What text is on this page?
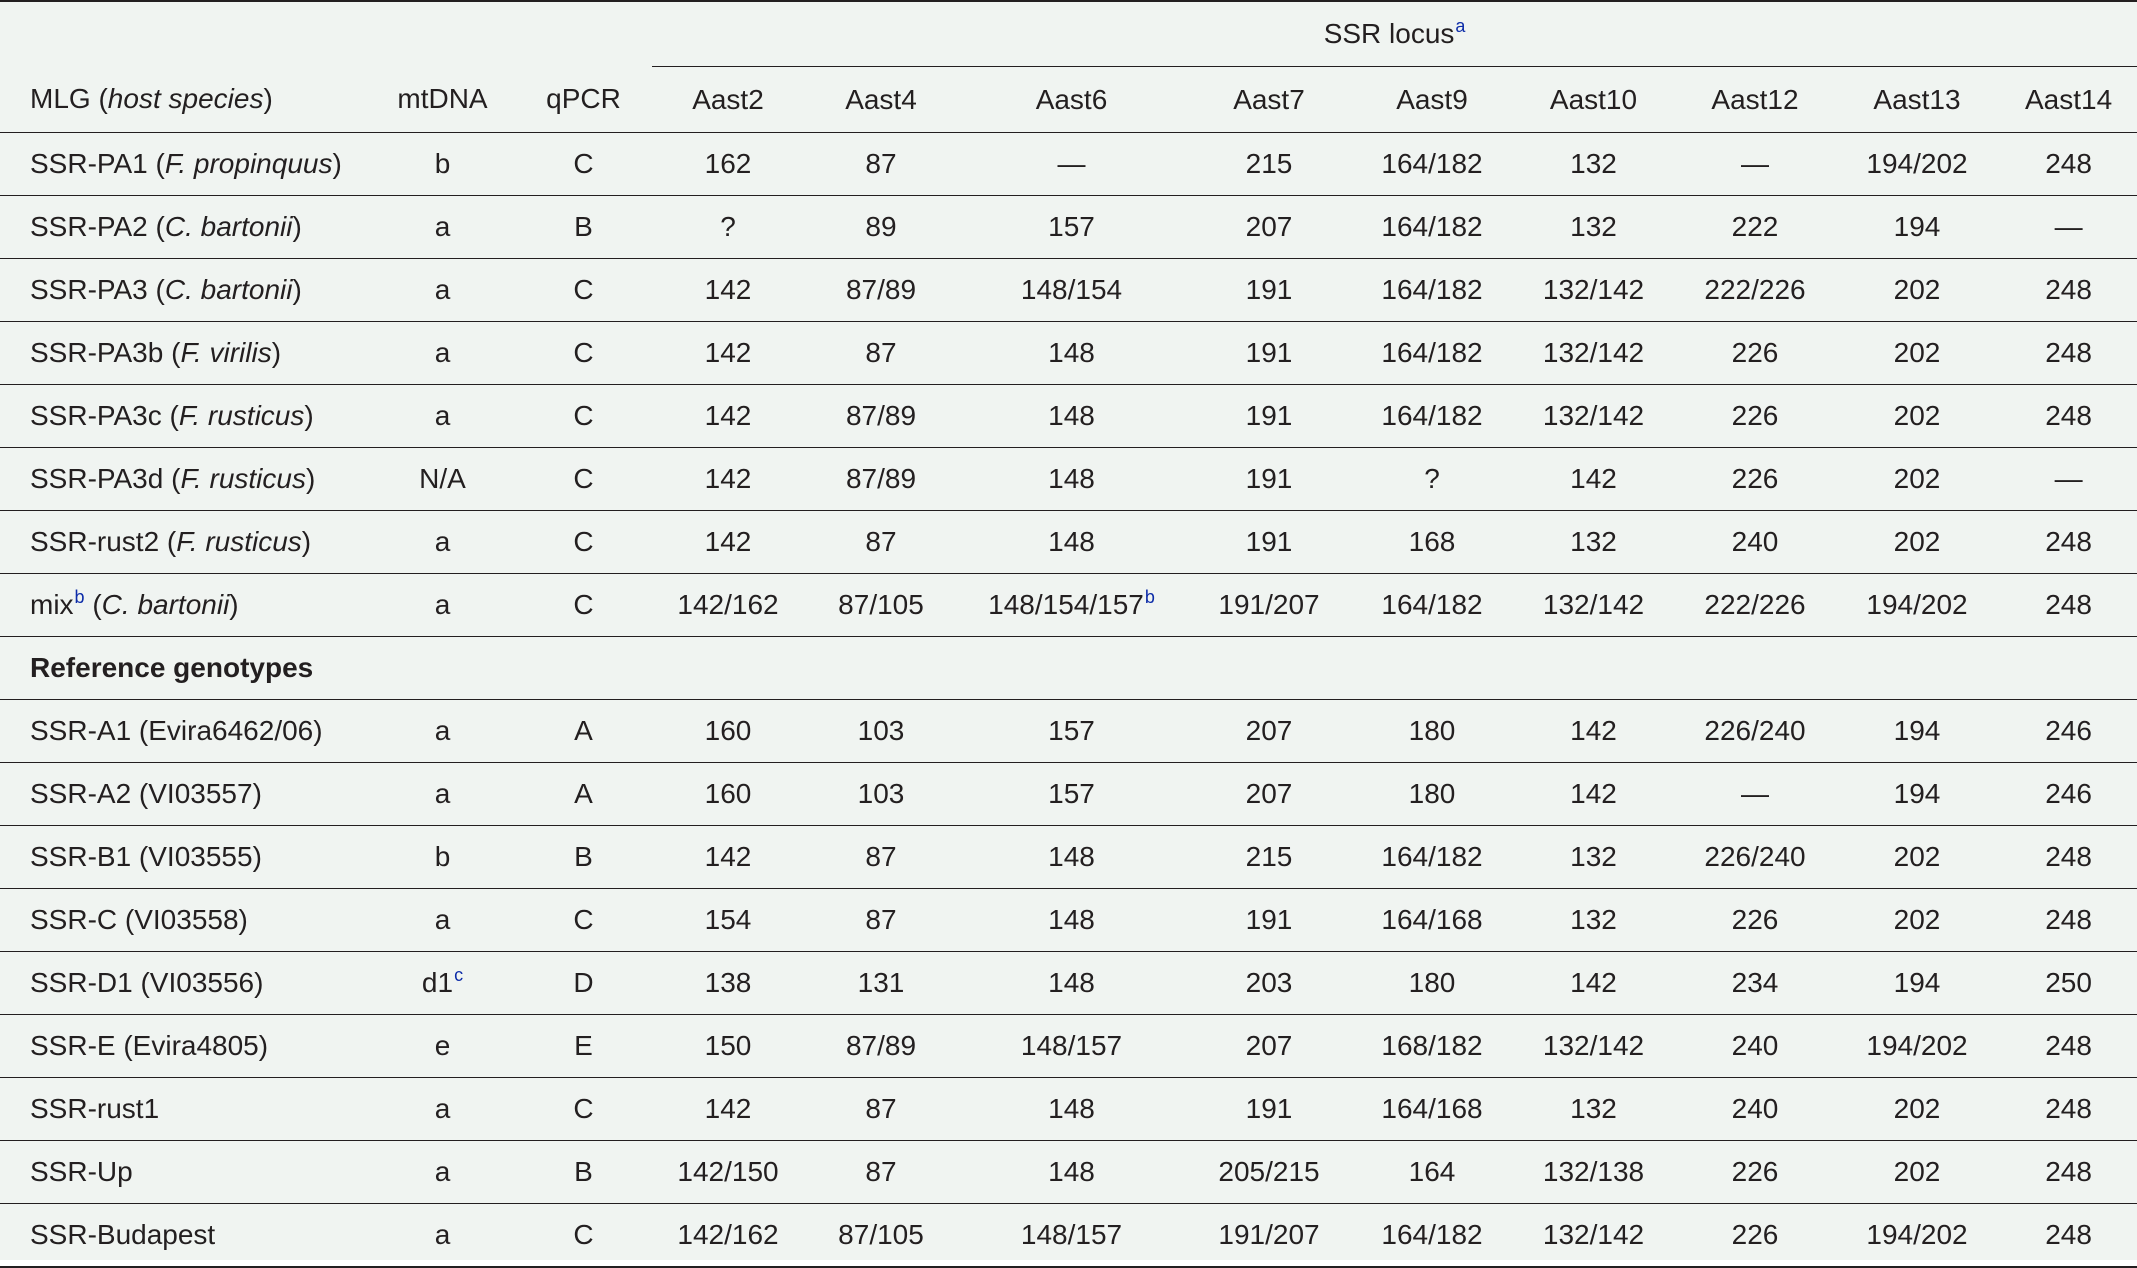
			SSR locus$^a$
MLG (host species)	mtDNA	qPCR	Aast2	Aast4	Aast6	Aast7	Aast9	Aast10	Aast12	Aast13	Aast14
SSR-PA1 (F. propinquus)	b	C	162	87	—	215	164/182	132	—	194/202	248
SSR-PA2 (C. bartonii)	a	B	?	89	157	207	164/182	132	222	194	—
SSR-PA3 (C. bartonii)	a	C	142	87/89	148/154	191	164/182	132/142	222/226	202	248
SSR-PA3b (F. virilis)	a	C	142	87	148	191	164/182	132/142	226	202	248
SSR-PA3c (F. rusticus)	a	C	142	87/89	148	191	164/182	132/142	226	202	248
SSR-PA3d (F. rusticus)	N/A	C	142	87/89	148	191	?	142	226	202	—
SSR-rust2 (F. rusticus)	a	C	142	87	148	191	168	132	240	202	248
mix$^b$ (C. bartonii)	a	C	142/162	87/105	148/154/157$^b$	191/207	164/182	132/142	222/226	194/202	248
Reference genotypes											
SSR-A1 (Evira6462/06)	a	A	160	103	157	207	180	142	226/240	194	246
SSR-A2 (VI03557)	a	A	160	103	157	207	180	142	—	194	246
SSR-B1 (VI03555)	b	B	142	87	148	215	164/182	132	226/240	202	248
SSR-C (VI03558)	a	C	154	87	148	191	164/168	132	226	202	248
SSR-D1 (VI03556)	d1$^c$	D	138	131	148	203	180	142	234	194	250
SSR-E (Evira4805)	e	E	150	87/89	148/157	207	168/182	132/142	240	194/202	248
SSR-rust1	a	C	142	87	148	191	164/168	132	240	202	248
SSR-Up	a	B	142/150	87	148	205/215	164	132/138	226	202	248
SSR-Budapest	a	C	142/162	87/105	148/157	191/207	164/182	132/142	226	194/202	248
